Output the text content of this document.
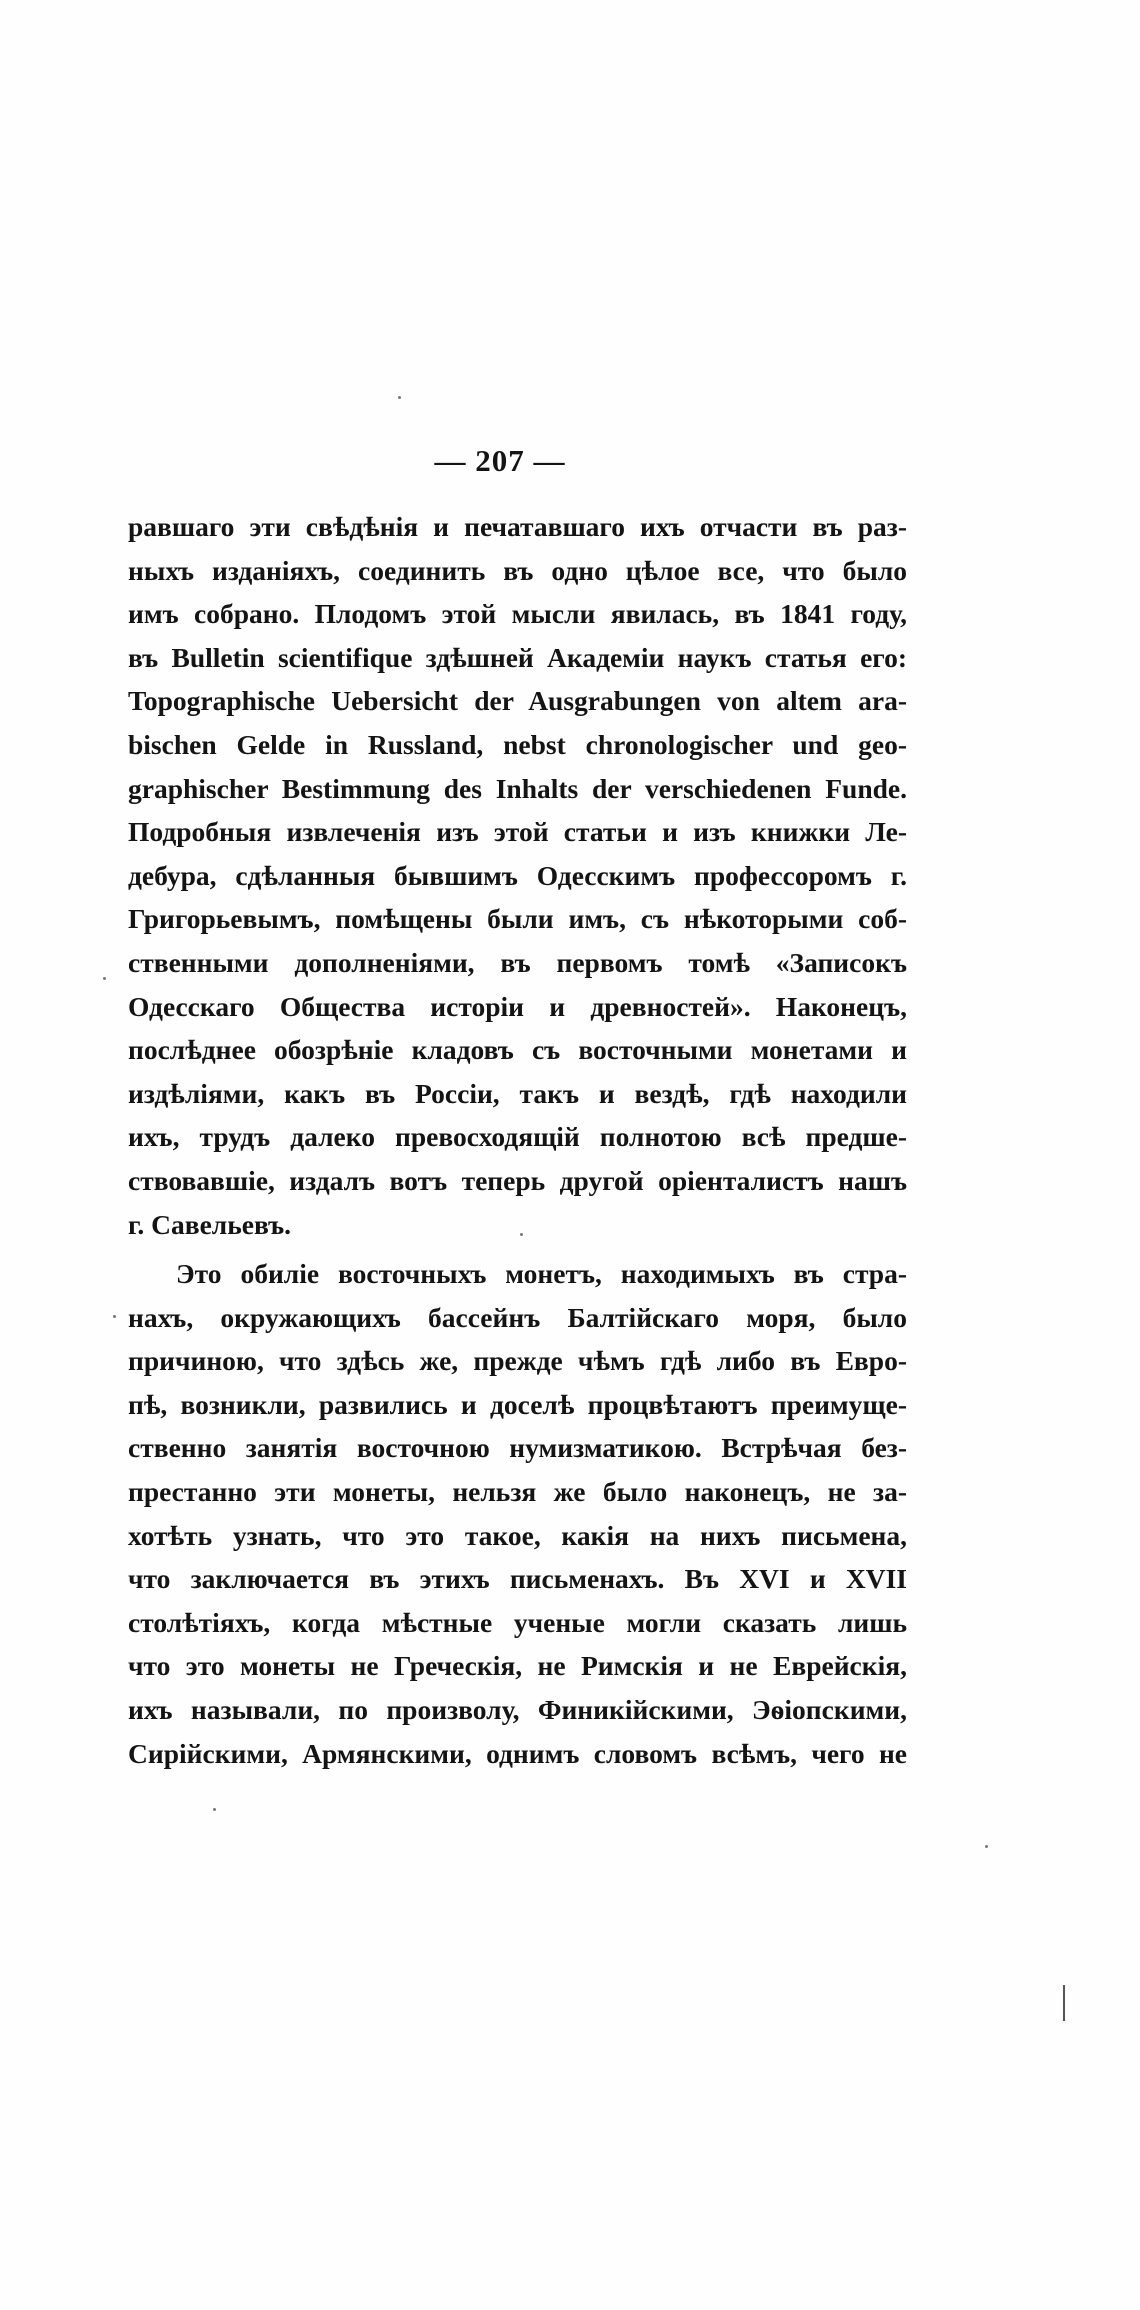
— 207 —
равшаго эти свѣдѣнія и печатавшаго ихъ отчасти въ раз-
ныхъ изданіяхъ, соединить въ одно цѣлое все, что было
имъ собрано. Плодомъ этой мысли явилась, въ 1841 году,
въ Bulletin scientifique здѣшней Академіи наукъ статья его:
Topographische Uebersicht der Ausgrabungen von altem ara-
bischen Gelde in Russland, nebst chronologischer und geo-
graphischer Bestimmung des Inhalts der verschiedenen Funde.
Подробныя извлеченія изъ этой статьи и изъ книжки Ле-
дебура, сдѣланныя бывшимъ Одесскимъ профессоромъ г.
Григорьевымъ, помѣщены были имъ, съ нѣкоторыми соб-
ственными дополненіями, въ первомъ томѣ «Записокъ
Одесскаго Общества исторіи и древностей». Наконецъ,
послѣднее обозрѣніе кладовъ съ восточными монетами и
издѣліями, какъ въ Россіи, такъ и вездѣ, гдѣ находили
ихъ, трудъ далеко превосходящій полнотою всѣ предше-
ствовавшіе, издалъ вотъ теперь другой оріенталистъ нашъ
г. Савельевъ.
Это обиліе восточныхъ монетъ, находимыхъ въ стра-
нахъ, окружающихъ бассейнъ Балтійскаго моря, было
причиною, что здѣсь же, прежде чѣмъ гдѣ либо въ Евро-
пѣ, возникли, развились и доселѣ процвѣтаютъ преимуще-
ственно занятія восточною нумизматикою. Встрѣчая без-
престанно эти монеты, нельзя же было наконецъ, не за-
хотѣть узнать, что это такое, какія на нихъ письмена,
что заключается въ этихъ письменахъ. Въ XVI и XVII
столѣтіяхъ, когда мѣстные ученые могли сказать лишь
что это монеты не Греческія, не Римскія и не Еврейскія,
ихъ называли, по произволу, Финикійскими, Эѳіопскими,
Сирійскими, Армянскими, однимъ словомъ всѣмъ, чего не
